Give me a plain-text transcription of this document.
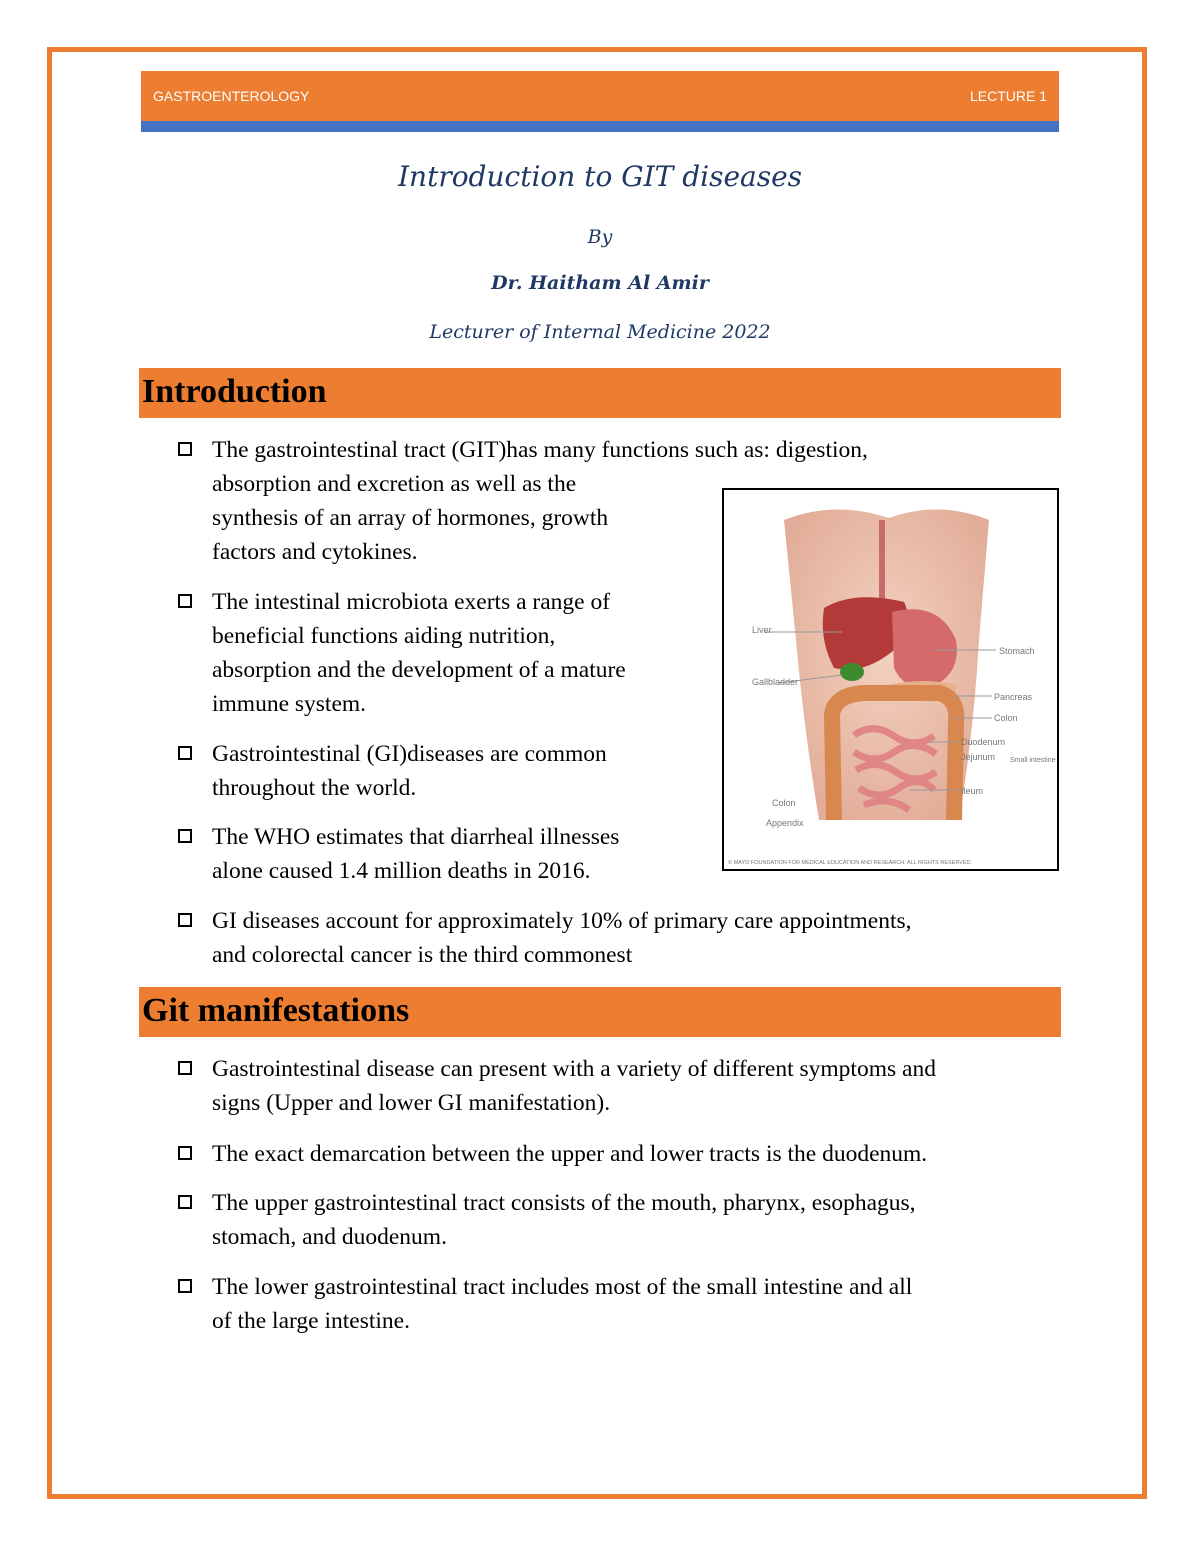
GASTROENTEROLOGY	LECTURE 1
Introduction to GIT diseases
By
Dr. Haitham Al Amir
Lecturer of Internal Medicine 2022
Introduction
The gastrointestinal tract (GIT)has many functions such as: digestion,
absorption and excretion as well as the
synthesis of an array of hormones, growth
factors and cytokines.
The intestinal microbiota exerts a range of
beneficial functions aiding nutrition,
absorption and the development of a mature
immune system.
Gastrointestinal (GI)diseases are common
throughout the world.
The WHO estimates that diarrheal illnesses
alone caused 1.4 million deaths in 2016.
GI diseases account for approximately 10% of primary care appointments,
and colorectal cancer is the third commonest
Liver
Gallbladder
Colon
Appendix
Stomach
Pancreas
Colon
Duodenum
Jejunum Small intestine
Ileum
© MAYO FOUNDATION FOR MEDICAL EDUCATION AND RESEARCH. ALL RIGHTS RESERVED.
Git manifestations
Gastrointestinal disease can present with a variety of different symptoms and
signs (Upper and lower GI manifestation).
The exact demarcation between the upper and lower tracts is the duodenum.
The upper gastrointestinal tract consists of the mouth, pharynx, esophagus,
stomach, and duodenum.
The lower gastrointestinal tract includes most of the small intestine and all
of the large intestine.
